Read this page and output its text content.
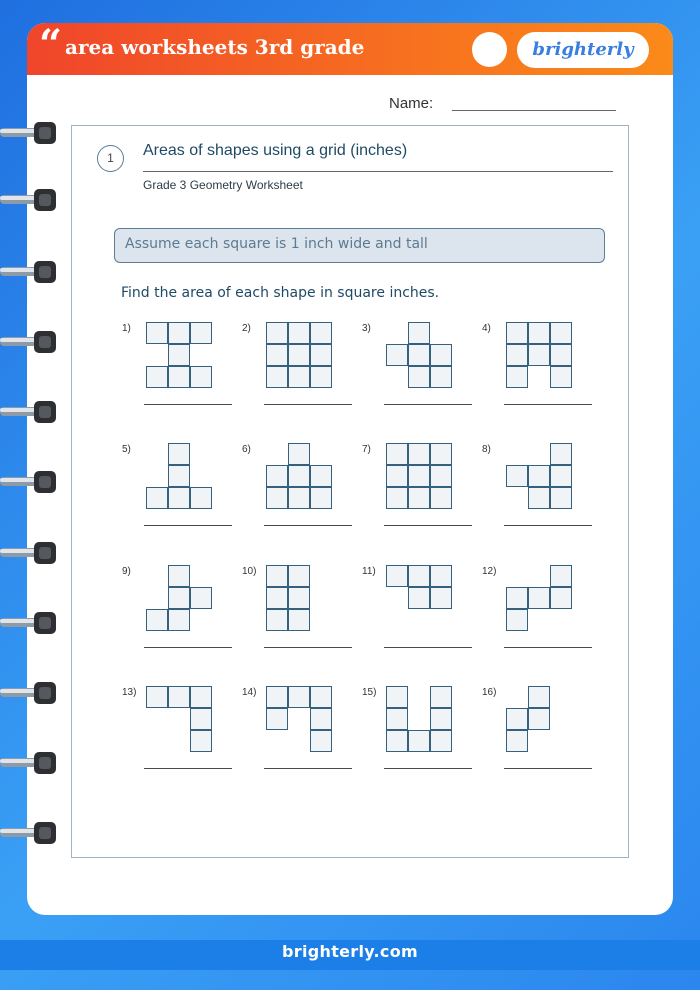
“ area worksheets 3rd grade	brighterly
Name:
1	Areas of shapes using a grid (inches)
Grade 3 Geometry Worksheet
Assume each square is 1 inch wide and tall
Find the area of each shape in square inches.
1)	2)	3)	4)
5)	6)	7)	8)
9)	10)	11)	12)
13)	14)	15)	16)
brighterly.com
